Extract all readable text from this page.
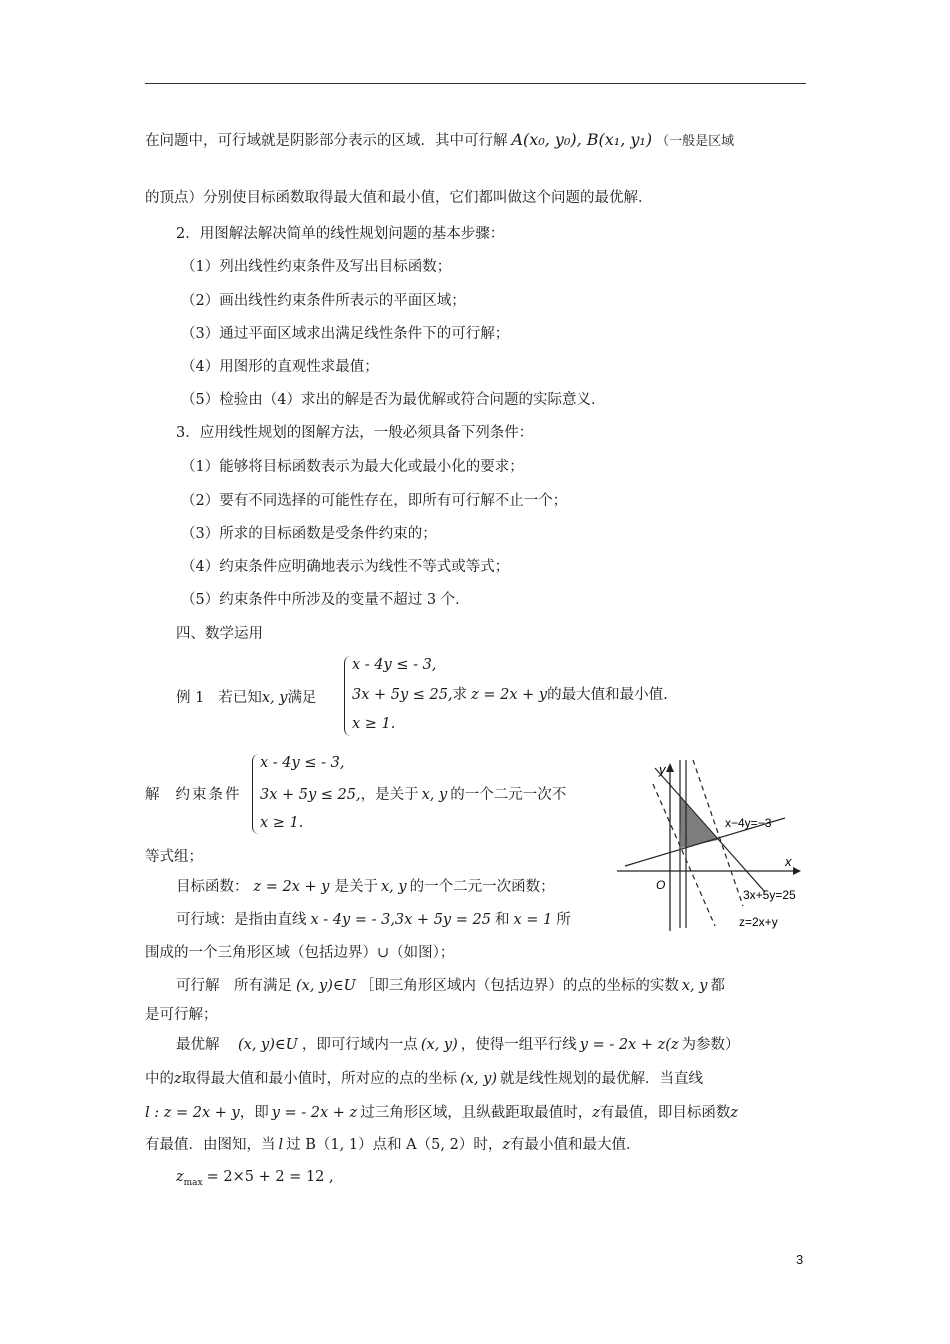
在问题中，可行域就是阴影部分表示的区域．其中可行解 A(x₀, y₀), B(x₁, y₁) （一般是区域
的顶点）分别使目标函数取得最大值和最小值，它们都叫做这个问题的最优解．
2．用图解法解决简单的线性规划问题的基本步骤：
（1）列出线性约束条件及写出目标函数；
（2）画出线性约束条件所表示的平面区域；
（3）通过平面区域求出满足线性条件下的可行解；
（4）用图形的直观性求最值；
（5）检验由（4）求出的解是否为最优解或符合问题的实际意义．
3．应用线性规划的图解方法，一般必须具备下列条件：
（1）能够将目标函数表示为最大化或最小化的要求；
（2）要有不同选择的可能性存在，即所有可行解不止一个；
（3）所求的目标函数是受条件约束的；
（4）约束条件应明确地表示为线性不等式或等式；
（5）约束条件中所涉及的变量不超过 3 个．
四、数学运用
例 1 若已知x, y满足
x - 4y ≤ - 3,
3x + 5y ≤ 25,求 z = 2x + y的最大值和最小值.
x ≥ 1.
解 约束条件
x - 4y ≤ - 3,
3x + 5y ≤ 25,，是关于 x, y 的一个二元一次不
x ≥ 1.
等式组；
目标函数： z = 2x + y 是关于 x, y 的一个二元一次函数；
可行域：是指由直线 x - 4y = - 3,3x + 5y = 25 和 x = 1 所
围成的一个三角形区域（包括边界）∪（如图）；
可行解　所有满足 (x, y)∈U ［即三角形区域内（包括边界）的点的坐标的实数 x, y 都
是可行解；
最优解　(x, y)∈U ，即可行域内一点 (x, y) ，使得一组平行线 y = - 2x + z(z 为参数）
中的z取得最大值和最小值时，所对应的点的坐标 (x, y) 就是线性规划的最优解．当直线
l : z = 2x + y，即 y = - 2x + z 过三角形区域，且纵截距取最值时，z有最值，即目标函数z
有最值．由图知，当 l 过 B（1, 1）点和 A（5, 2）时，z有最小值和最大值．
$z_{max} = 2\times 5 + 2 = 12$ ,
y
x
O
x−4y=−3
3x+5y=25
z=2x+y
3
